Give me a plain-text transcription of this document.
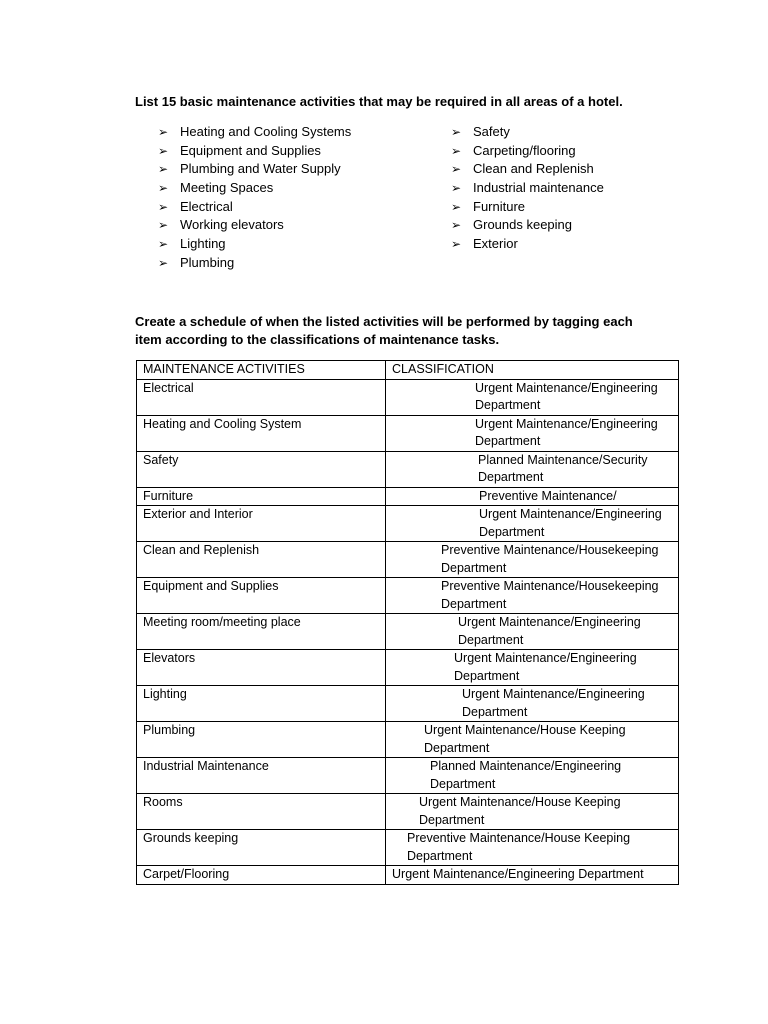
List 15 basic maintenance activities that may be required in all areas of a hotel.
➢ Heating and Cooling Systems
➢ Equipment and Supplies
➢ Plumbing and Water Supply
➢ Meeting Spaces
➢ Electrical
➢ Working elevators
➢ Lighting
➢ Plumbing
➢ Safety
➢ Carpeting/flooring
➢ Clean and Replenish
➢ Industrial maintenance
➢ Furniture
➢ Grounds keeping
➢ Exterior
Create a schedule of when the listed activities will be performed by tagging each item according to the classifications of maintenance tasks.
MAINTENANCE ACTIVITIES	CLASSIFICATION
Electrical	Urgent Maintenance/Engineering
Department

Heating and Cooling System	Urgent Maintenance/Engineering
Department

Safety	Planned Maintenance/Security
Department

Furniture	Preventive Maintenance/

Exterior and Interior	Urgent Maintenance/Engineering
Department

Clean and Replenish	Preventive Maintenance/Housekeeping
Department

Equipment and Supplies	Preventive Maintenance/Housekeeping
Department

Meeting room/meeting place	Urgent Maintenance/Engineering
Department

Elevators	Urgent Maintenance/Engineering
Department

Lighting	Urgent Maintenance/Engineering
Department

Plumbing	Urgent Maintenance/House Keeping
Department

Industrial Maintenance	Planned Maintenance/Engineering
Department

Rooms	Urgent Maintenance/House Keeping
Department

Grounds keeping	Preventive Maintenance/House Keeping
Department

Carpet/Flooring	Urgent Maintenance/Engineering Department
